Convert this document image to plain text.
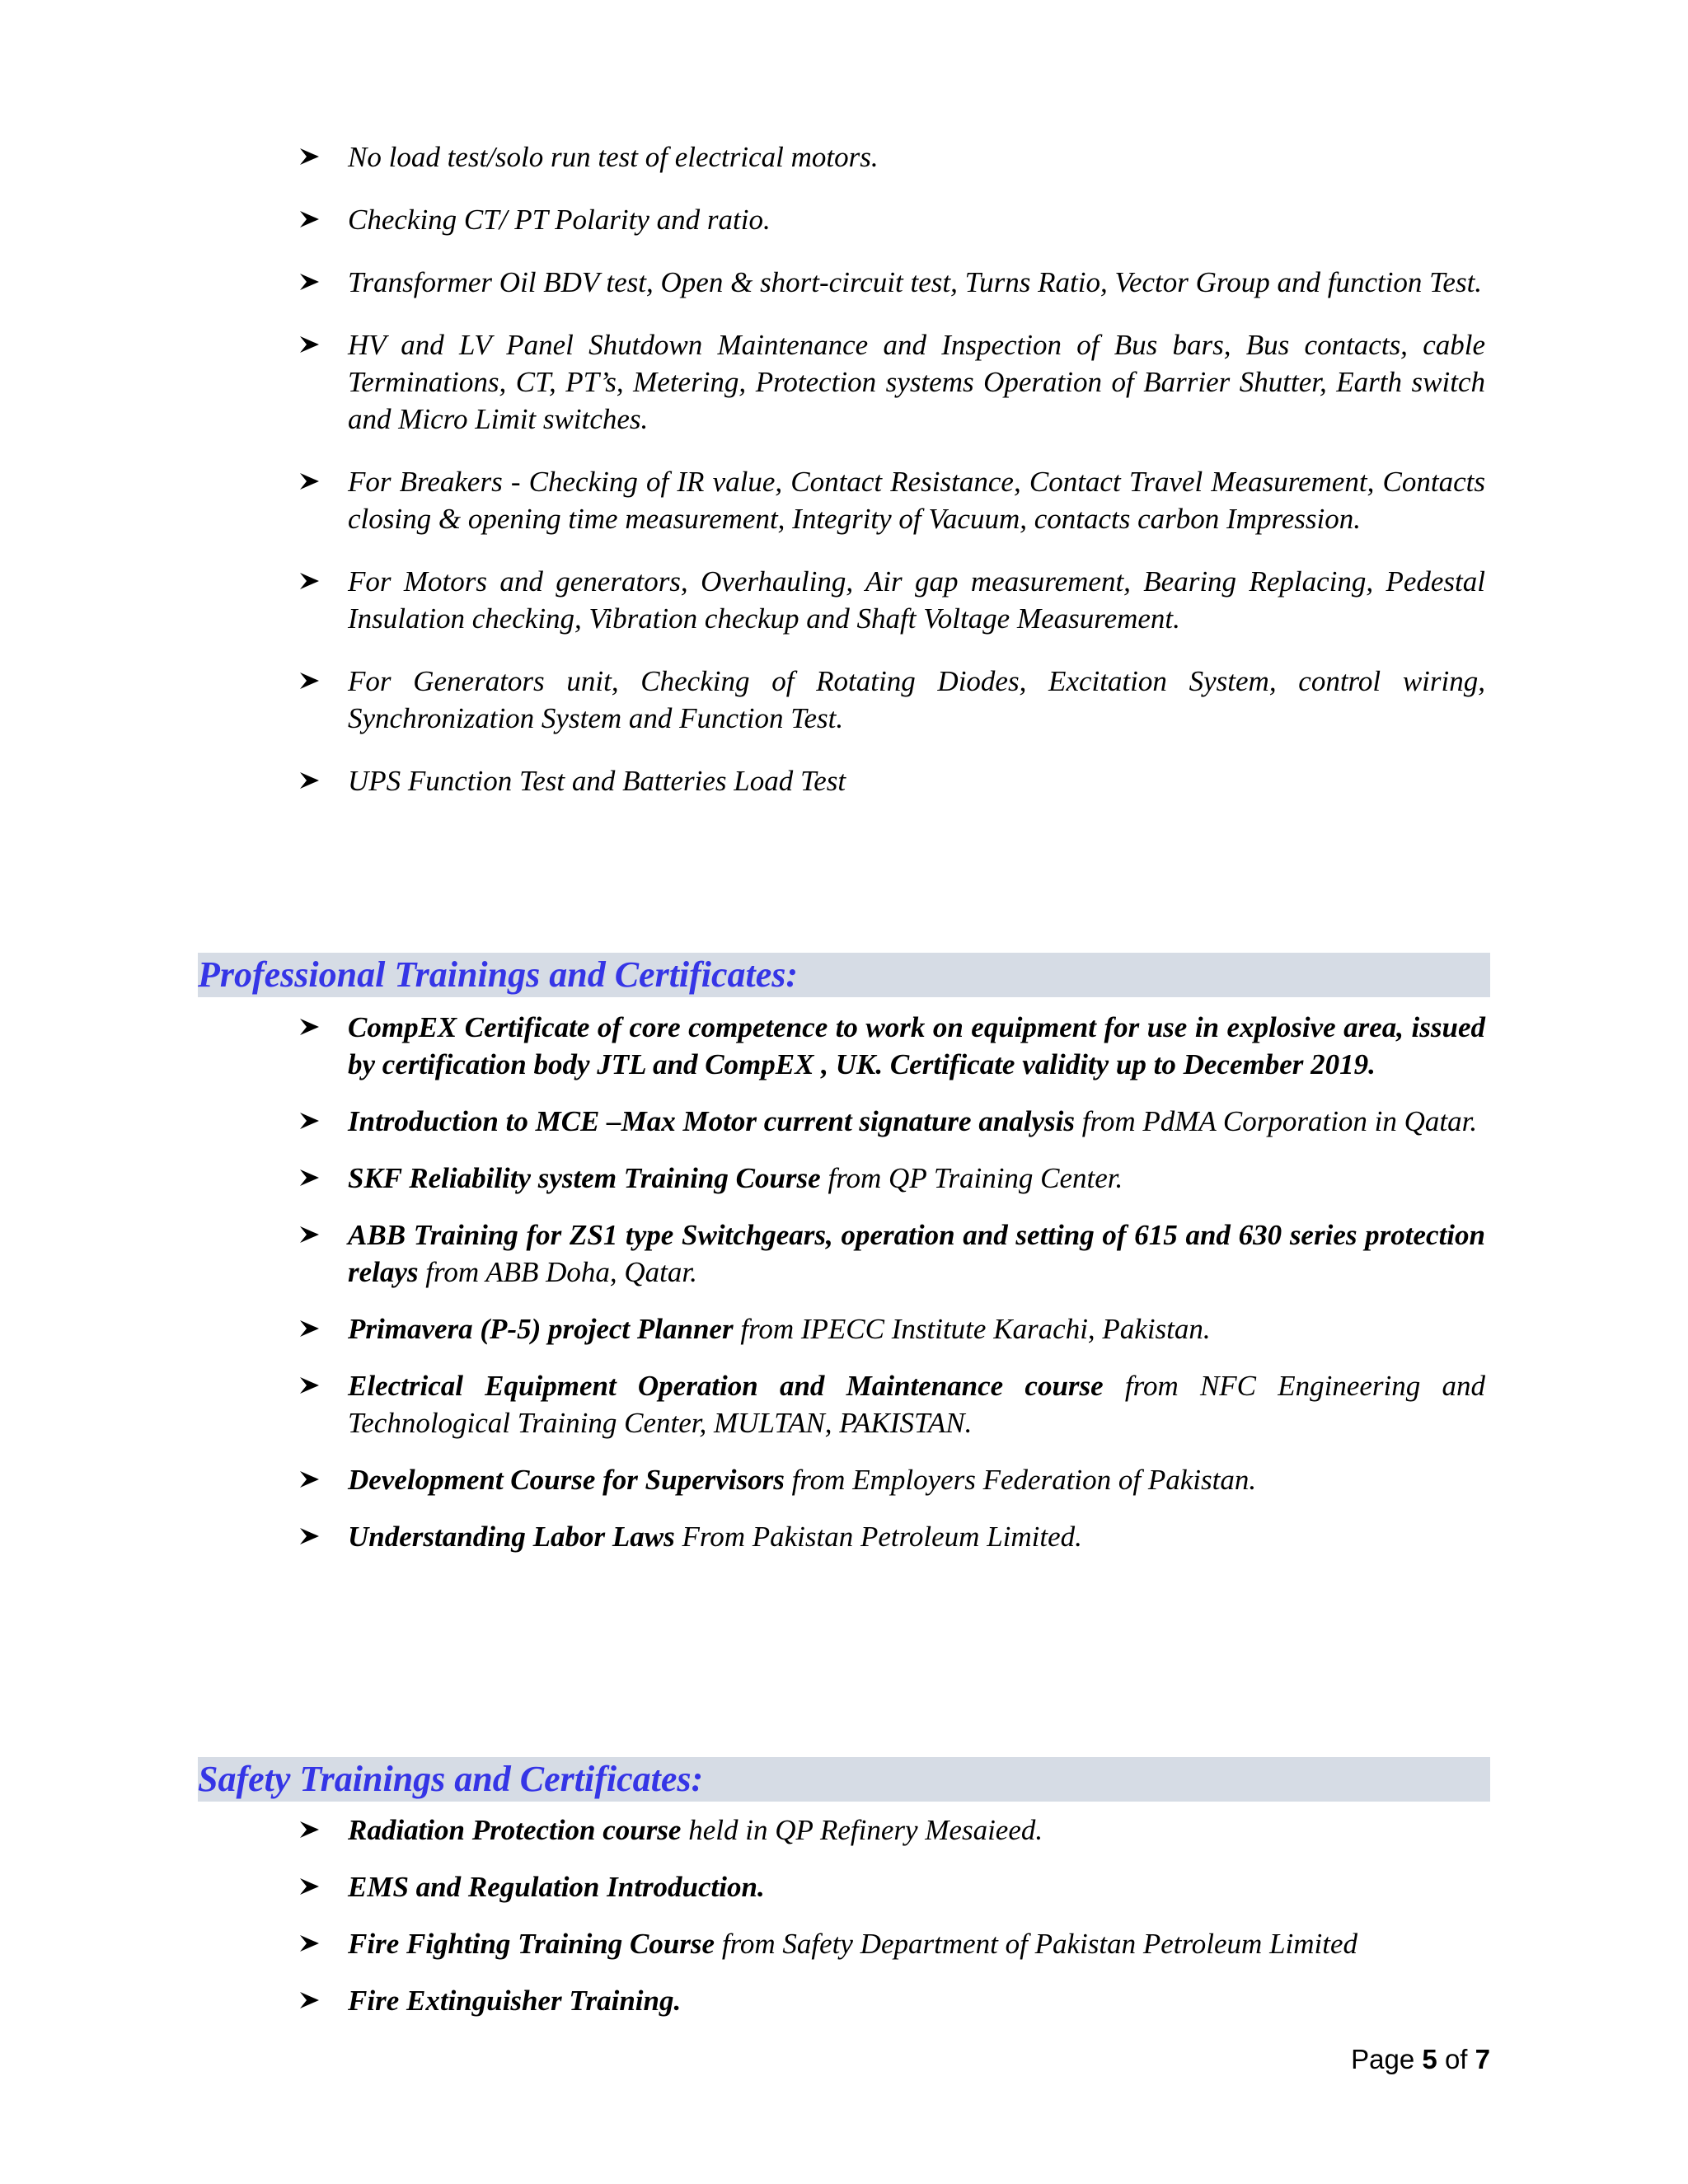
No load test/solo run test of electrical motors.
Checking CT/ PT Polarity and ratio.
Transformer Oil BDV test, Open & short-circuit test, Turns Ratio, Vector Group and function Test.
HV and LV Panel Shutdown Maintenance and Inspection of Bus bars, Bus contacts, cable Terminations, CT, PT’s, Metering, Protection systems Operation of Barrier Shutter, Earth switch and Micro Limit switches.
For Breakers - Checking of IR value, Contact Resistance, Contact Travel Measurement, Contacts closing & opening time measurement, Integrity of Vacuum, contacts carbon Impression.
For Motors and generators, Overhauling, Air gap measurement, Bearing Replacing, Pedestal Insulation checking, Vibration checkup and Shaft Voltage Measurement.
For Generators unit, Checking of Rotating Diodes, Excitation System, control wiring, Synchronization System and Function Test.
UPS Function Test and Batteries Load Test
Professional Trainings and Certificates:
CompEX Certificate of core competence to work on equipment for use in explosive area, issued by certification body JTL and CompEX , UK. Certificate validity up to December 2019.
Introduction to MCE –Max Motor current signature analysis from PdMA Corporation in Qatar.
SKF Reliability system Training Course from QP Training Center.
ABB Training for ZS1 type Switchgears, operation and setting of 615 and 630 series protection relays from ABB Doha, Qatar.
Primavera (P-5) project Planner from IPECC Institute Karachi, Pakistan.
Electrical Equipment Operation and Maintenance course from NFC Engineering and Technological Training Center, MULTAN, PAKISTAN.
Development Course for Supervisors from Employers Federation of Pakistan.
Understanding Labor Laws From Pakistan Petroleum Limited.
Safety Trainings and Certificates:
Radiation Protection course held in QP Refinery Mesaieed.
EMS and Regulation Introduction.
Fire Fighting Training Course from Safety Department of Pakistan Petroleum Limited
Fire Extinguisher Training.
Page 5 of 7
